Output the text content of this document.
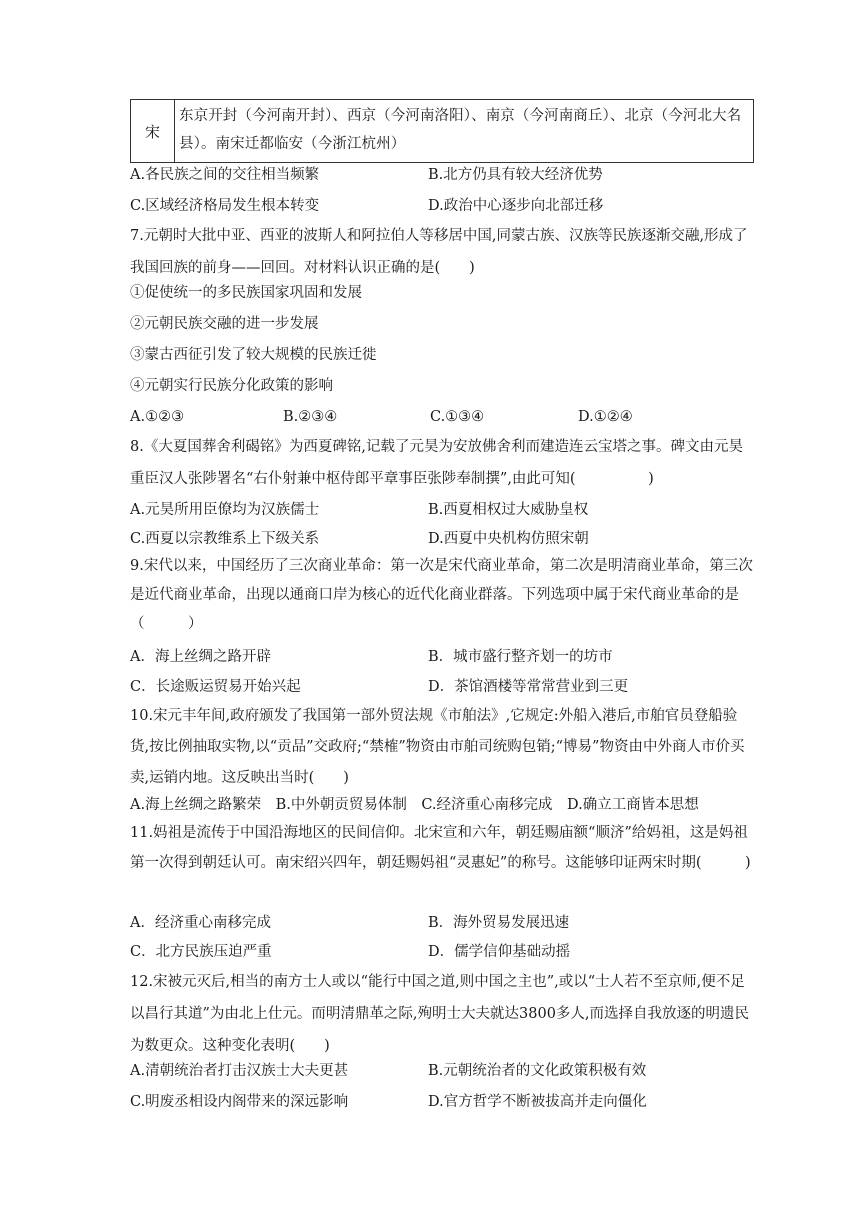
宋	东京开封（今河南开封）、西京（今河南洛阳）、南京（今河南商丘）、北京（今河北大名县）。南宋迁都临安（今浙江杭州）
A.各民族之间的交往相当频繁	B.北方仍具有较大经济优势
C.区域经济格局发生根本转变	D.政治中心逐步向北部迁移
7.元朝时大批中亚、西亚的波斯人和阿拉伯人等移居中国,同蒙古族、汉族等民族逐渐交融,形成了我国回族的前身——回回。对材料认识正确的是(　　)
①促使统一的多民族国家巩固和发展
②元朝民族交融的进一步发展
③蒙古西征引发了较大规模的民族迁徙
④元朝实行民族分化政策的影响
A.①②③	B.②③④	C.①③④	D.①②④
8.《大夏国葬舍利碣铭》为西夏碑铭,记载了元昊为安放佛舍利而建造连云宝塔之事。碑文由元昊重臣汉人张陟署名“右仆射兼中枢侍郎平章事臣张陟奉制撰”,由此可知(　　　　　)
A.元昊所用臣僚均为汉族儒士	B.西夏相权过大威胁皇权
C.西夏以宗教维系上下级关系	D.西夏中央机构仿照宋朝
9.宋代以来，中国经历了三次商业革命：第一次是宋代商业革命，第二次是明清商业革命，第三次是近代商业革命，出现以通商口岸为核心的近代化商业群落。下列选项中属于宋代商业革命的是（　　　）
A．海上丝绸之路开辟	B．城市盛行整齐划一的坊市
C．长途贩运贸易开始兴起	D．茶馆酒楼等常常营业到三更
10.宋元丰年间,政府颁发了我国第一部外贸法规《市舶法》,它规定:外船入港后,市舶官员登船验货,按比例抽取实物,以“贡品”交政府;“禁榷”物资由市舶司统购包销;“博易”物资由中外商人市价买卖,运销内地。这反映出当时(　　)
A.海上丝绸之路繁荣　B.中外朝贡贸易体制　C.经济重心南移完成　D.确立工商皆本思想
11.妈祖是流传于中国沿海地区的民间信仰。北宋宣和六年，朝廷赐庙额“顺济”给妈祖，这是妈祖第一次得到朝廷认可。南宋绍兴四年，朝廷赐妈祖“灵惠妃”的称号。这能够印证两宋时期(　　　)
A．经济重心南移完成	B．海外贸易发展迅速
C．北方民族压迫严重	D．儒学信仰基础动摇
12.宋被元灭后,相当的南方士人或以“能行中国之道,则中国之主也”,或以“士人若不至京师,便不足以昌行其道”为由北上仕元。而明清鼎革之际,殉明士大夫就达3800多人,而选择自我放逐的明遗民为数更众。这种变化表明(　　)
A.清朝统治者打击汉族士大夫更甚	B.元朝统治者的文化政策积极有效
C.明废丞相设内阁带来的深远影响	D.官方哲学不断被拔高并走向僵化
